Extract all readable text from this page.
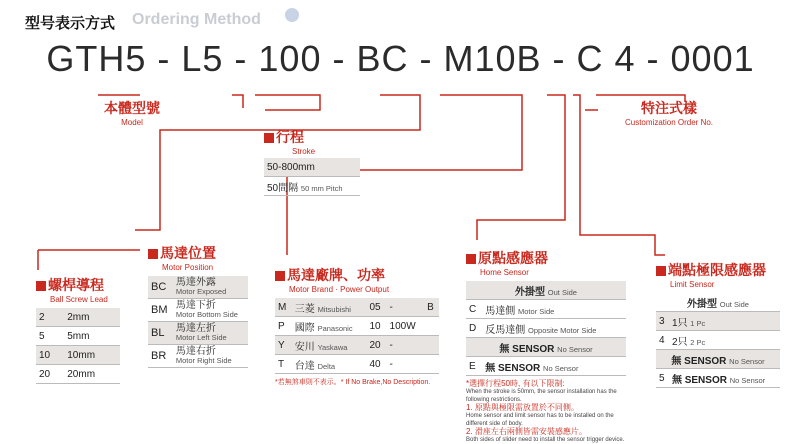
型号表示方式 Ordering Method
GTH5 - L5 - 100 - BC - M10B - C 4 - 0001
本體型號
Model
特注式樣
Customization Order No.
行程
Stroke
50-800mm
50間隔 50 mm Pitch
螺桿導程
Ball Screw Lead
2	2mm
5	5mm
10	10mm
20	20mm
馬達位置
Motor Position
BC	馬達外露
Motor Exposed
BM	馬達下折
Motor Bottom Side
BL	馬達左折
Motor Left Side
BR	馬達右折
Motor Right Side
馬達廠牌、功率
Motor Brand · Power Output
M	三菱 Mitsubishi	05	-	B
P	國際 Panasonic	10	100W	
Y	安川 Yaskawa	20	-	
T	台達 Delta	40	-	
*若無煞車則不表示。* If No Brake,No Description.
原點感應器
Home Sensor
外掛型 Out Side	
C	馬達側 Motor Side
D	反馬達側 Opposite Motor Side
無 SENSOR No Sensor	
E	無 SENSOR No Sensor
*選擇行程50時, 有以下限制:
When the stroke is 50mm, the sensor installation has the following restrictions.
1. 原點與極限需放置於不同側。
Home sensor and limit sensor has to be installed on the different side of body.
2. 滑座左右兩側皆需安裝感應片。
Both sides of slider need to install the sensor trigger device.
端點極限感應器
Limit Sensor
外掛型 Out Side	
3	1只 1 Pc
4	2只 2 Pc
無 SENSOR No Sensor	
5	無 SENSOR No Sensor
